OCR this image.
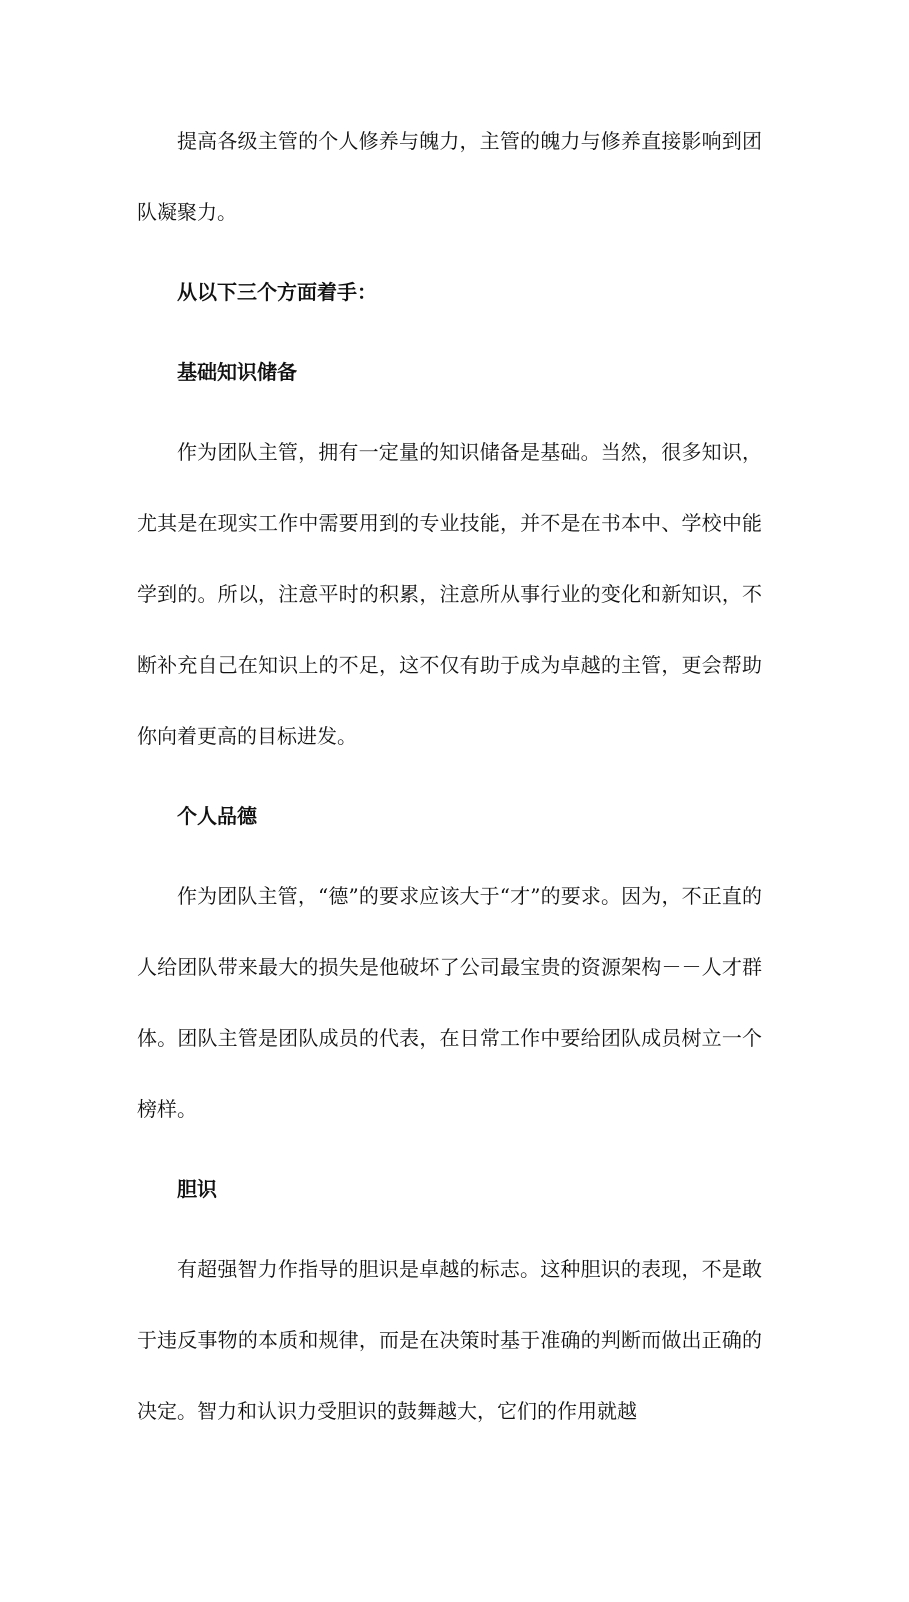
提高各级主管的个人修养与魄力，主管的魄力与修养直接影响到团队凝聚力。

从以下三个方面着手：

基础知识储备

作为团队主管，拥有一定量的知识储备是基础。当然，很多知识，尤其是在现实工作中需要用到的专业技能，并不是在书本中、学校中能学到的。所以，注意平时的积累，注意所从事行业的变化和新知识，不断补充自己在知识上的不足，这不仅有助于成为卓越的主管，更会帮助你向着更高的目标进发。

个人品德

作为团队主管，“德”的要求应该大于“才”的要求。因为，不正直的人给团队带来最大的损失是他破坏了公司最宝贵的资源架构－－人才群体。团队主管是团队成员的代表，在日常工作中要给团队成员树立一个榜样。

胆识

有超强智力作指导的胆识是卓越的标志。这种胆识的表现，不是敢于违反事物的本质和规律，而是在决策时基于准确的判断而做出正确的决定。智力和认识力受胆识的鼓舞越大，它们的作用就越
